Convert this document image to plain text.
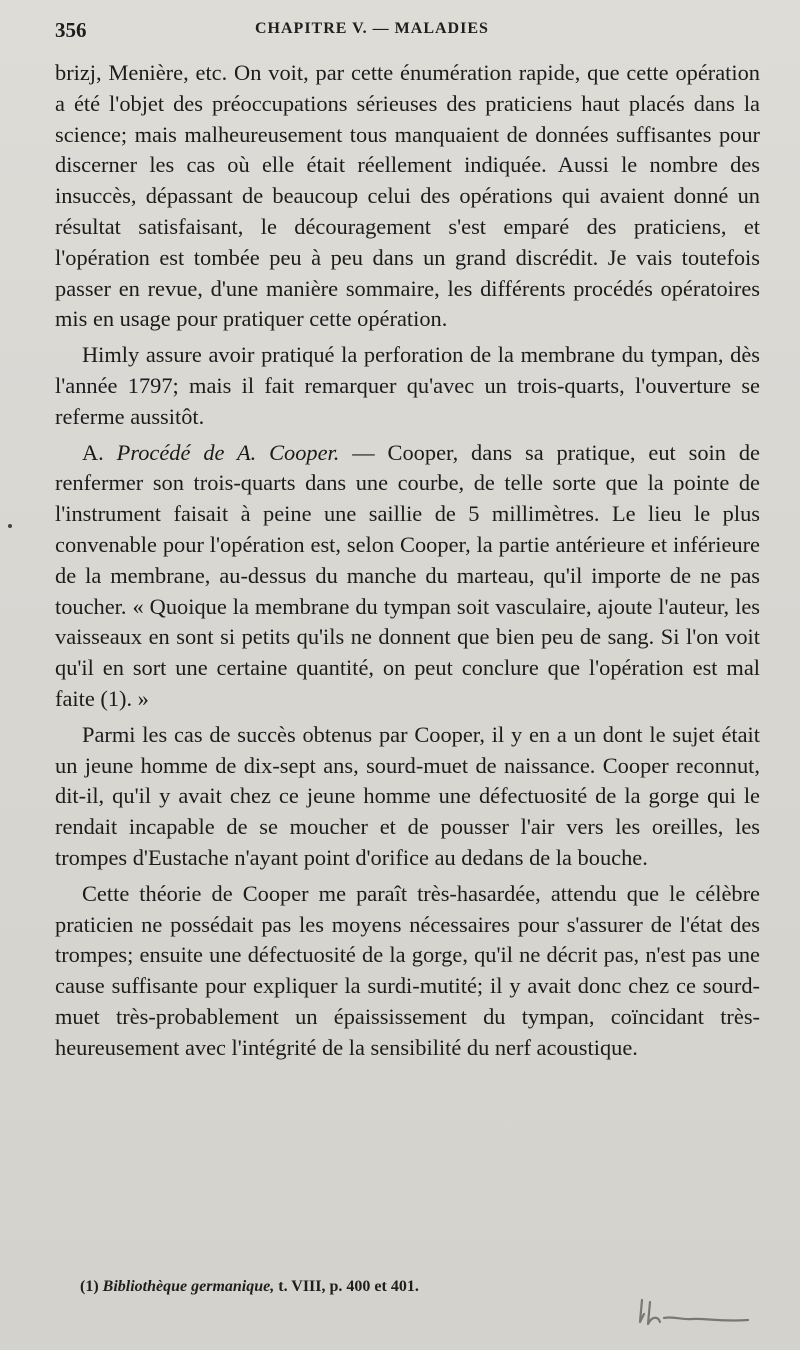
356	CHAPITRE V. — MALADIES

brizj, Menière, etc. On voit, par cette énumération rapide, que cette opération a été l'objet des préoccupations sérieuses des praticiens haut placés dans la science; mais malheureusement tous manquaient de données suffisantes pour discerner les cas où elle était réellement indiquée. Aussi le nombre des insuccès, dépassant de beaucoup celui des opérations qui avaient donné un résultat satisfaisant, le découragement s'est emparé des praticiens, et l'opération est tombée peu à peu dans un grand discrédit. Je vais toutefois passer en revue, d'une manière sommaire, les différents procédés opératoires mis en usage pour pratiquer cette opération.

Himly assure avoir pratiqué la perforation de la membrane du tympan, dès l'année 1797; mais il fait remarquer qu'avec un trois-quarts, l'ouverture se referme aussitôt.

A. Procédé de A. Cooper. — Cooper, dans sa pratique, eut soin de renfermer son trois-quarts dans une courbe, de telle sorte que la pointe de l'instrument faisait à peine une saillie de 5 millimètres. Le lieu le plus convenable pour l'opération est, selon Cooper, la partie antérieure et inférieure de la membrane, au-dessus du manche du marteau, qu'il importe de ne pas toucher. « Quoique la membrane du tympan soit vasculaire, ajoute l'auteur, les vaisseaux en sont si petits qu'ils ne donnent que bien peu de sang. Si l'on voit qu'il en sort une certaine quantité, on peut conclure que l'opération est mal faite (1). »

Parmi les cas de succès obtenus par Cooper, il y en a un dont le sujet était un jeune homme de dix-sept ans, sourd-muet de naissance. Cooper reconnut, dit-il, qu'il y avait chez ce jeune homme une défectuosité de la gorge qui le rendait incapable de se moucher et de pousser l'air vers les oreilles, les trompes d'Eustache n'ayant point d'orifice au dedans de la bouche.

Cette théorie de Cooper me paraît très-hasardée, attendu que le célèbre praticien ne possédait pas les moyens nécessaires pour s'assurer de l'état des trompes; ensuite une défectuosité de la gorge, qu'il ne décrit pas, n'est pas une cause suffisante pour expliquer la surdi-mutité; il y avait donc chez ce sourd-muet très-probablement un épaississement du tympan, coïncidant très-heureusement avec l'intégrité de la sensibilité du nerf acoustique.

(1) Bibliothèque germanique, t. VIII, p. 400 et 401.
